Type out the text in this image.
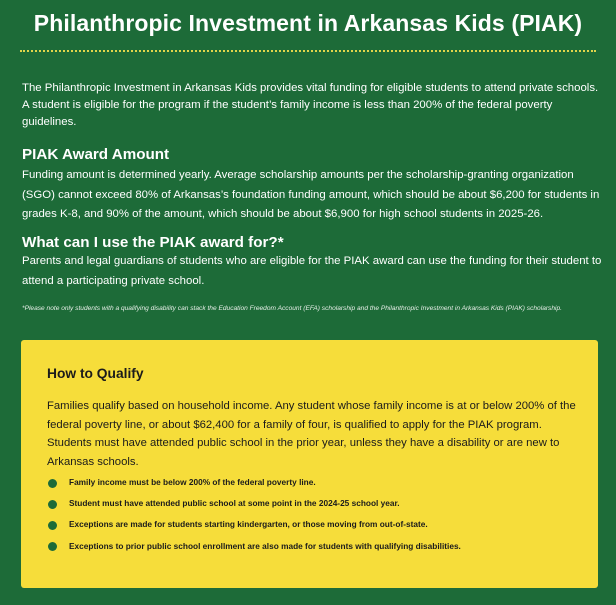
Philanthropic Investment in Arkansas Kids (PIAK)
The Philanthropic Investment in Arkansas Kids provides vital funding for eligible students to attend private schools. A student is eligible for the program if the student’s family income is less than 200% of the federal poverty guidelines.
PIAK Award Amount
Funding amount is determined yearly. Average scholarship amounts per the scholarship-granting organization (SGO) cannot exceed 80% of Arkansas’s foundation funding amount, which should be about $6,200 for students in grades K-8, and 90% of the amount, which should be about $6,900 for high school students in 2025-26.
What can I use the PIAK award for?*
Parents and legal guardians of students who are eligible for the PIAK award can use the funding for their student to attend a participating private school.
*Please note only students with a qualifying disability can stack the Education Freedom Account (EFA) scholarship and the Philanthropic Investment in Arkansas Kids (PIAK) scholarship.
How to Qualify
Families qualify based on household income. Any student whose family income is at or below 200% of the federal poverty line, or about $62,400 for a family of four, is qualified to apply for the PIAK program. Students must have attended public school in the prior year, unless they have a disability or are new to Arkansas schools.
Family income must be below 200% of the federal poverty line.
Student must have attended public school at some point in the 2024-25 school year.
Exceptions are made for students starting kindergarten, or those moving from out-of-state.
Exceptions to prior public school enrollment are also made for students with qualifying disabilities.
